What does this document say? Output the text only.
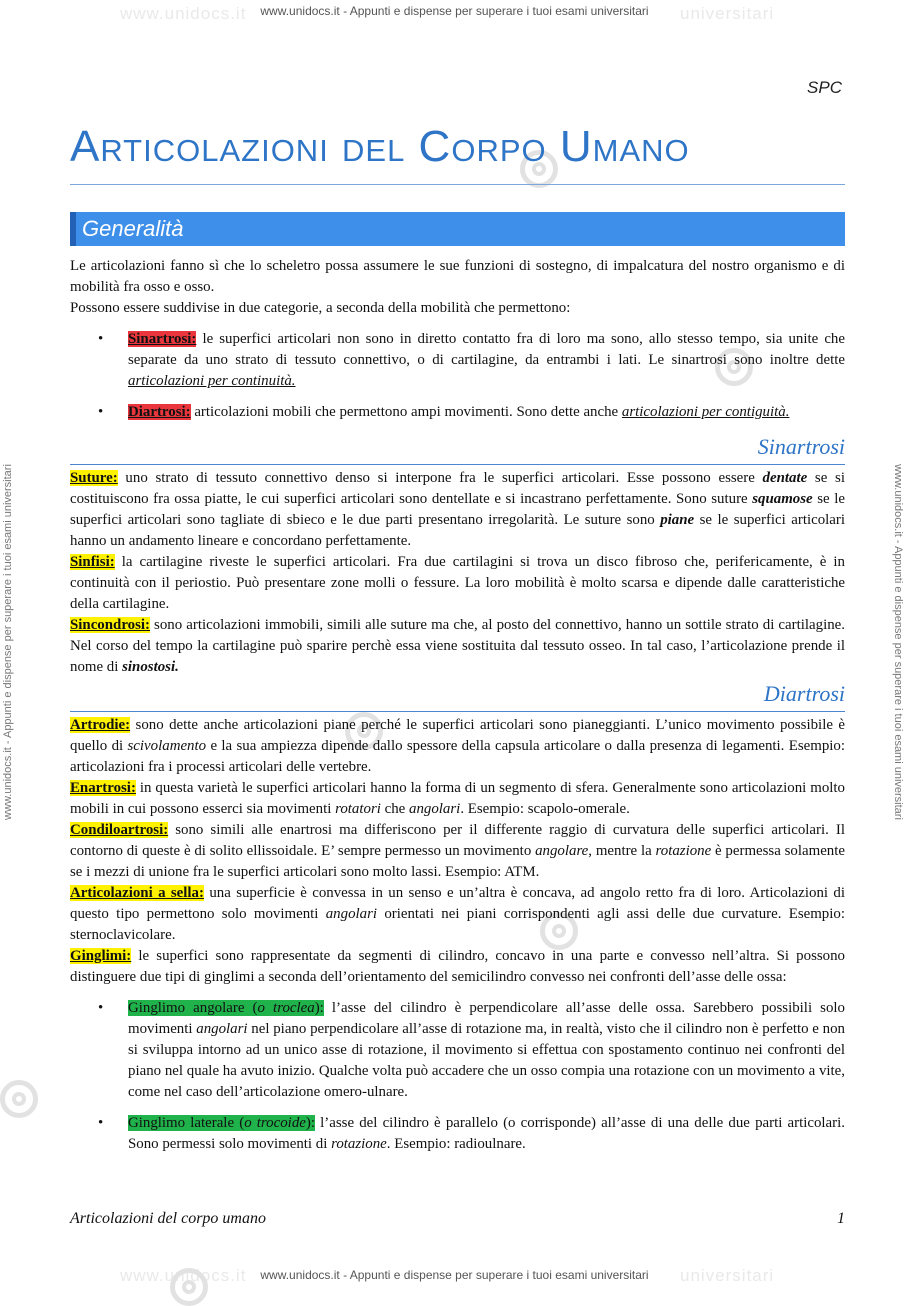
www.unidocs.it	universitari
www.unidocs.it - Appunti e dispense per superare i tuoi esami universitari
www.unidocs.it	universitari
www.unidocs.it - Appunti e dispense per superare i tuoi esami universitari
www.unidocs.it - Appunti e dispense per superare i tuoi esami universitari	www.unidocs.it - Appunti e dispense per superare i tuoi esami universitari
SPC
Articolazioni del Corpo Umano
Generalità

Le articolazioni fanno sì che lo scheletro possa assumere le sue funzioni di sostegno, di impalcatura del nostro organismo e di mobilità fra osso e osso.

Possono essere suddivise in due categorie, a seconda della mobilità che permettono:

• Sinartrosi: le superfici articolari non sono in diretto contatto fra di loro ma sono, allo stesso tempo, sia unite che separate da uno strato di tessuto connettivo, o di cartilagine, da entrambi i lati. Le sinartrosi sono inoltre dette articolazioni per continuità.
• Diartrosi: articolazioni mobili che permettono ampi movimenti. Sono dette anche articolazioni per contiguità.
Sinartrosi

Suture: uno strato di tessuto connettivo denso si interpone fra le superfici articolari. Esse possono essere dentate se si costituiscono fra ossa piatte, le cui superfici articolari sono dentellate e si incastrano perfettamente. Sono suture squamose se le superfici articolari sono tagliate di sbieco e le due parti presentano irregolarità. Le suture sono piane se le superfici articolari hanno un andamento lineare e concordano perfettamente.

Sinfisi: la cartilagine riveste le superfici articolari. Fra due cartilagini si trova un disco fibroso che, perifericamente, è in continuità con il periostio. Può presentare zone molli o fessure. La loro mobilità è molto scarsa e dipende dalle caratteristiche della cartilagine.

Sincondrosi: sono articolazioni immobili, simili alle suture ma che, al posto del connettivo, hanno un sottile strato di cartilagine. Nel corso del tempo la cartilagine può sparire perchè essa viene sostituita dal tessuto osseo. In tal caso, l’articolazione prende il nome di sinostosi.

Diartrosi

Artrodie: sono dette anche articolazioni piane perché le superfici articolari sono pianeggianti. L’unico movimento possibile è quello di scivolamento e la sua ampiezza dipende dallo spessore della capsula articolare o dalla presenza di legamenti. Esempio: articolazioni fra i processi articolari delle vertebre.

Enartrosi: in questa varietà le superfici articolari hanno la forma di un segmento di sfera. Generalmente sono articolazioni molto mobili in cui possono esserci sia movimenti rotatori che angolari. Esempio: scapolo-omerale.

Condiloartrosi: sono simili alle enartrosi ma differiscono per il differente raggio di curvatura delle superfici articolari. Il contorno di queste è di solito ellissoidale. E’ sempre permesso un movimento angolare, mentre la rotazione è permessa solamente se i mezzi di unione fra le superfici articolari sono molto lassi. Esempio: ATM.

Articolazioni a sella: una superficie è convessa in un senso e un’altra è concava, ad angolo retto fra di loro. Articolazioni di questo tipo permettono solo movimenti angolari orientati nei piani corrispondenti agli assi delle due curvature. Esempio: sternoclavicolare.

Ginglimi: le superfici sono rappresentate da segmenti di cilindro, concavo in una parte e convesso nell’altra. Si possono distinguere due tipi di ginglimi a seconda dell’orientamento del semicilindro convesso nei confronti dell’asse delle ossa:

• Ginglimo angolare (o troclea): l’asse del cilindro è perpendicolare all’asse delle ossa. Sarebbero possibili solo movimenti angolari nel piano perpendicolare all’asse di rotazione ma, in realtà, visto che il cilindro non è perfetto e non si sviluppa intorno ad un unico asse di rotazione, il movimento si effettua con spostamento continuo nei confronti del piano nel quale ha avuto inizio. Qualche volta può accadere che un osso compia una rotazione con un movimento a vite, come nel caso dell’articolazione omero-ulnare.
• Ginglimo laterale (o trocoide): l’asse del cilindro è parallelo (o corrisponde) all’asse di una delle due parti articolari. Sono permessi solo movimenti di rotazione. Esempio: radioulnare.
Articolazioni del corpo umano	1
